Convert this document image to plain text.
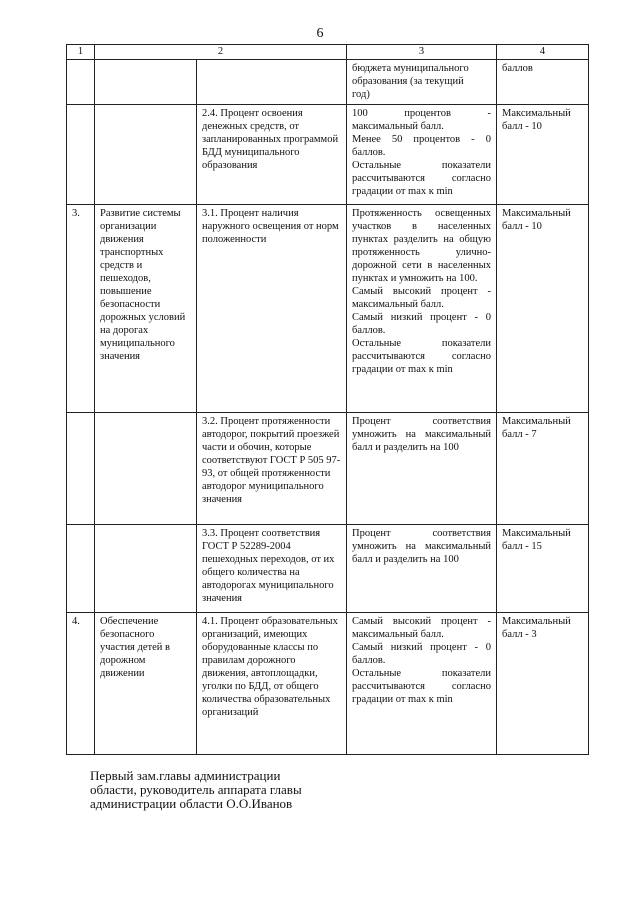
6
1	2		3	4

			бюджета муниципального
образования (за текущий
год)	баллов
		2.4. Процент освоения денежных средств, от запланированных программой БДД муниципального образования	100 процентов - максимальный балл.
Менее 50 процентов - 0 баллов.
Остальные показатели рассчитываются согласно градации от max к min	Максимальный балл - 10
3.	Развитие системы организации движения транспортных средств и пешеходов, повышение безопасности дорожных условий на дорогах муниципального значения	3.1. Процент наличия наружного освещения от норм положенности	Протяженность освещенных участков в населенных пунктах разделить на общую протяженность улично-дорожной сети в населенных пунктах и умножить на 100.
Самый высокий процент - максимальный балл.
Самый низкий процент - 0 баллов.
Остальные показатели рассчитываются согласно градации от max к min	Максимальный балл - 10
		3.2. Процент протяженности автодорог, покрытий проезжей части и обочин, которые соответствуют ГОСТ Р 505 97-93, от общей протяженности автодорог муниципального значения	Процент соответствия умножить на максимальный балл и разделить на 100	Максимальный балл - 7
		3.3. Процент соответствия ГОСТ Р 52289-2004 пешеходных переходов, от их общего количества на автодорогах муниципального значения	Процент соответствия умножить на максимальный балл и разделить на 100	Максимальный балл - 15
4.	Обеспечение безопасного участия детей в дорожном движении	4.1. Процент образовательных организаций, имеющих оборудованные классы по правилам дорожного движения, автоплощадки, уголки по БДД, от общего количества образовательных организаций	Самый высокий процент - максимальный балл.
Самый низкий процент - 0 баллов.
Остальные показатели рассчитываются согласно градации от max к min	Максимальный балл - 3
Первый зам.главы администрации
области, руководитель аппарата главы
администрации области О.О.Иванов
